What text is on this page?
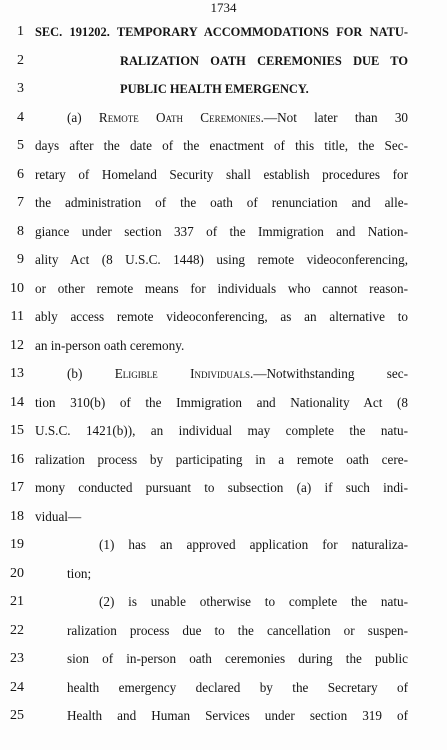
1734
1 SEC. 191202. TEMPORARY ACCOMMODATIONS FOR NATU-
2	RALIZATION OATH CEREMONIES DUE TO
3	PUBLIC HEALTH EMERGENCY.
4	(a) Remote Oath Ceremonies.—Not later than 30
5 days after the date of the enactment of this title, the Sec-
6 retary of Homeland Security shall establish procedures for
7 the administration of the oath of renunciation and alle-
8 giance under section 337 of the Immigration and Nation-
9 ality Act (8 U.S.C. 1448) using remote videoconferencing,
10 or other remote means for individuals who cannot reason-
11 ably access remote videoconferencing, as an alternative to
12 an in-person oath ceremony.
13	(b) Eligible Individuals.—Notwithstanding sec-
14 tion 310(b) of the Immigration and Nationality Act (8
15 U.S.C. 1421(b)), an individual may complete the natu-
16 ralization process by participating in a remote oath cere-
17 mony conducted pursuant to subsection (a) if such indi-
18 vidual—
19	(1) has an approved application for naturaliza-
20	tion;
21	(2) is unable otherwise to complete the natu-
22	ralization process due to the cancellation or suspen-
23	sion of in-person oath ceremonies during the public
24	health emergency declared by the Secretary of
25	Health and Human Services under section 319 of
